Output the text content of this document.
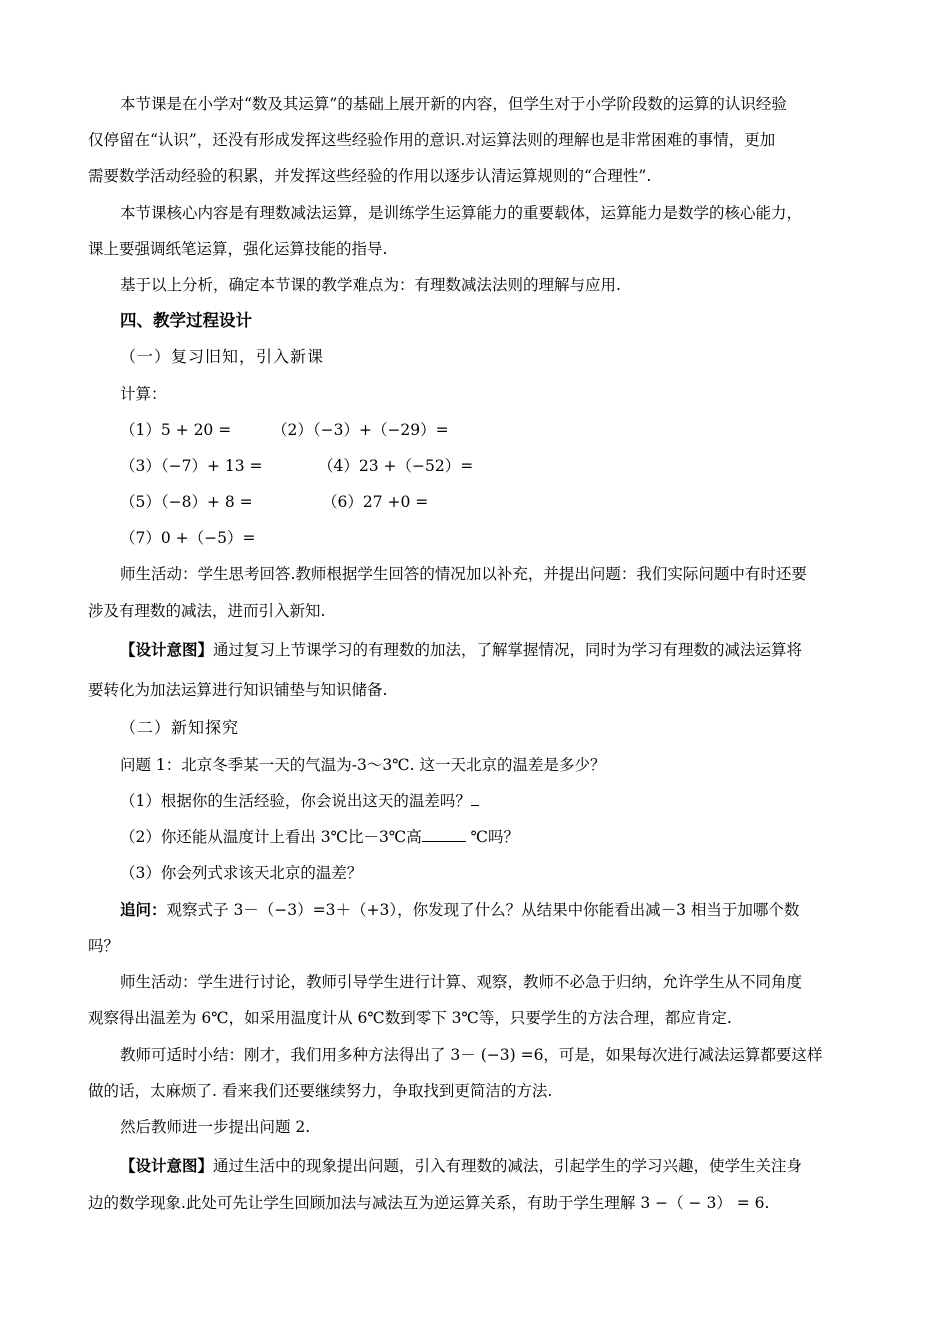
本节课是在小学对“数及其运算”的基础上展开新的内容，但学生对于小学阶段数的运算的认识经验
仅停留在“认识”，还没有形成发挥这些经验作用的意识.对运算法则的理解也是非常困难的事情，更加
需要数学活动经验的积累，并发挥这些经验的作用以逐步认清运算规则的“合理性”.
本节课核心内容是有理数减法运算，是训练学生运算能力的重要载体，运算能力是数学的核心能力，
课上要强调纸笔运算，强化运算技能的指导.
基于以上分析，确定本节课的教学难点为：有理数减法法则的理解与应用.
四、教学过程设计
（一）复习旧知，引入新课
计算：
（1）5 + 20 =	（2）（−3）+（−29）=
（3）（−7）+ 13 =	（4）23 +（−52）=
（5）（−8）+ 8 =	（6）27 +0 =
（7）0 +（−5）=
师生活动：学生思考回答.教师根据学生回答的情况加以补充，并提出问题：我们实际问题中有时还要
涉及有理数的减法，进而引入新知.
【设计意图】通过复习上节课学习的有理数的加法，了解掌握情况，同时为学习有理数的减法运算将
要转化为加法运算进行知识铺垫与知识储备.
（二）新知探究
问题 1：北京冬季某一天的气温为-3～3℃. 这一天北京的温差是多少？
（1）根据你的生活经验，你会说出这天的温差吗？
（2）你还能从温度计上看出 3℃比－3℃高	℃吗？
（3）你会列式求该天北京的温差？
追问：观察式子 3－（−3）=3＋（+3），你发现了什么？从结果中你能看出减－3 相当于加哪个数
吗？
师生活动：学生进行讨论，教师引导学生进行计算、观察，教师不必急于归纳，允许学生从不同角度
观察得出温差为 6℃，如采用温度计从 6℃数到零下 3℃等，只要学生的方法合理，都应肯定.
教师可适时小结：刚才，我们用多种方法得出了 3－ (−3) =6，可是，如果每次进行减法运算都要这样
做的话，太麻烦了. 看来我们还要继续努力，争取找到更简洁的方法.
然后教师进一步提出问题 2.
【设计意图】通过生活中的现象提出问题，引入有理数的减法，引起学生的学习兴趣，使学生关注身
边的数学现象.此处可先让学生回顾加法与减法互为逆运算关系，有助于学生理解 3 −（ − 3） = 6.
